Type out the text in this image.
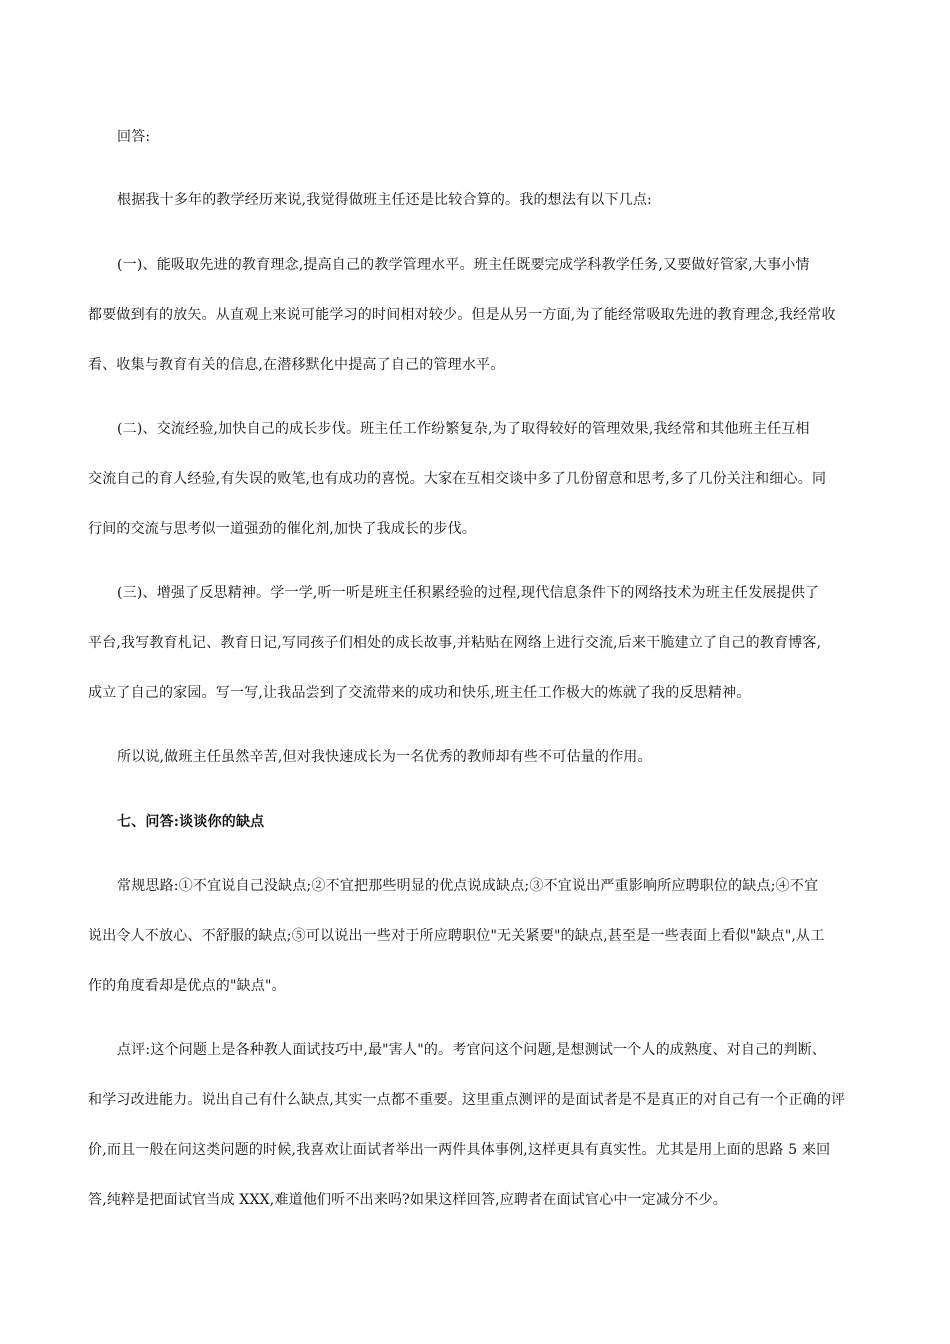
回答:

根据我十多年的教学经历来说,我觉得做班主任还是比较合算的。我的想法有以下几点:

(一)、能吸取先进的教育理念,提高自己的教学管理水平。班主任既要完成学科教学任务,又要做好管家,大事小情
都要做到有的放矢。从直观上来说可能学习的时间相对较少。但是从另一方面,为了能经常吸取先进的教育理念,我经常收
看、收集与教育有关的信息,在潜移默化中提高了自己的管理水平。

(二)、交流经验,加快自己的成长步伐。班主任工作纷繁复杂,为了取得较好的管理效果,我经常和其他班主任互相
交流自己的育人经验,有失误的败笔,也有成功的喜悦。大家在互相交谈中多了几份留意和思考,多了几份关注和细心。同
行间的交流与思考似一道强劲的催化剂,加快了我成长的步伐。

(三)、增强了反思精神。学一学,听一听是班主任积累经验的过程,现代信息条件下的网络技术为班主任发展提供了
平台,我写教育札记、教育日记,写同孩子们相处的成长故事,并粘贴在网络上进行交流,后来干脆建立了自己的教育博客,
成立了自己的家园。写一写,让我品尝到了交流带来的成功和快乐,班主任工作极大的炼就了我的反思精神。

所以说,做班主任虽然辛苦,但对我快速成长为一名优秀的教师却有些不可估量的作用。

七、问答:谈谈你的缺点

常规思路:①不宜说自己没缺点;②不宜把那些明显的优点说成缺点;③不宜说出严重影响所应聘职位的缺点;④不宜
说出令人不放心、不舒服的缺点;⑤可以说出一些对于所应聘职位"无关紧要"的缺点,甚至是一些表面上看似"缺点",从工
作的角度看却是优点的"缺点"。

点评:这个问题上是各种教人面试技巧中,最"害人"的。考官问这个问题,是想测试一个人的成熟度、对自己的判断、
和学习改进能力。说出自己有什么缺点,其实一点都不重要。这里重点测评的是面试者是不是真正的对自己有一个正确的评
价,而且一般在问这类问题的时候,我喜欢让面试者举出一两件具体事例,这样更具有真实性。尤其是用上面的思路 5 来回
答,纯粹是把面试官当成 XXX,难道他们听不出来吗?如果这样回答,应聘者在面试官心中一定减分不少。
